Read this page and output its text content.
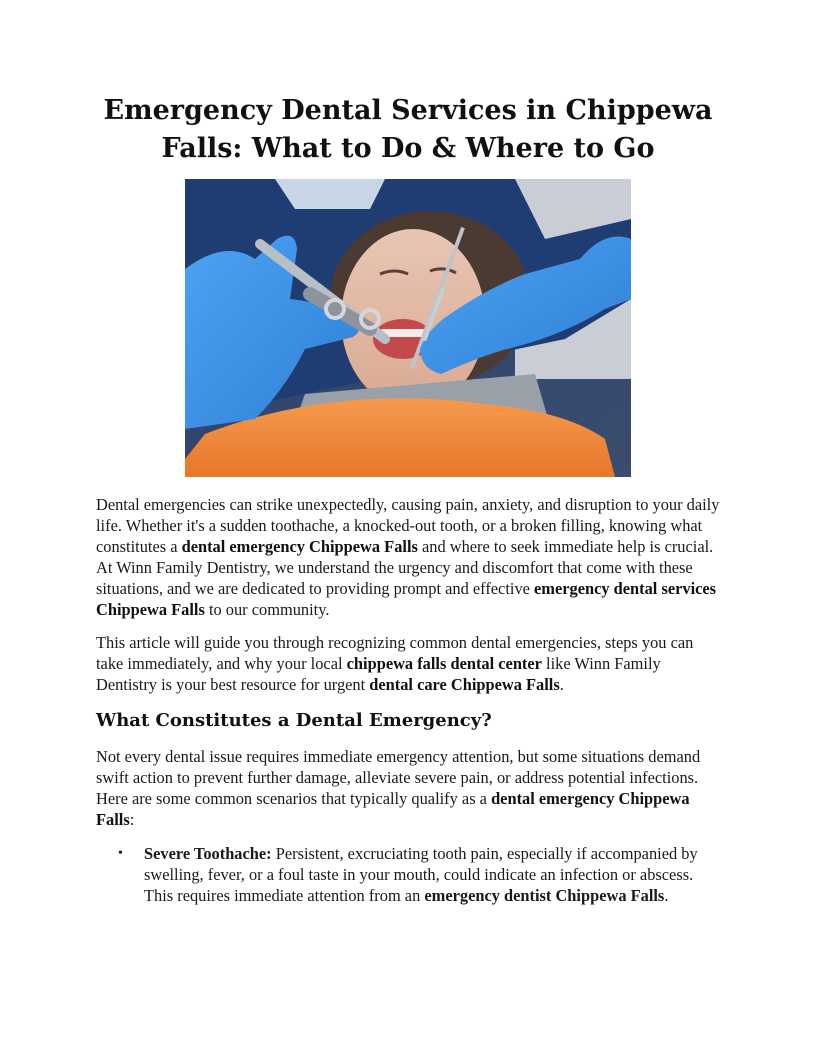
Emergency Dental Services in Chippewa Falls: What to Do & Where to Go

Dental emergencies can strike unexpectedly, causing pain, anxiety, and disruption to your daily life. Whether it's a sudden toothache, a knocked-out tooth, or a broken filling, knowing what constitutes a dental emergency Chippewa Falls and where to seek immediate help is crucial. At Winn Family Dentistry, we understand the urgency and discomfort that come with these situations, and we are dedicated to providing prompt and effective emergency dental services Chippewa Falls to our community.

This article will guide you through recognizing common dental emergencies, steps you can take immediately, and why your local chippewa falls dental center like Winn Family Dentistry is your best resource for urgent dental care Chippewa Falls.

What Constitutes a Dental Emergency?

Not every dental issue requires immediate emergency attention, but some situations demand swift action to prevent further damage, alleviate severe pain, or address potential infections. Here are some common scenarios that typically qualify as a dental emergency Chippewa Falls:

• Severe Toothache: Persistent, excruciating tooth pain, especially if accompanied by swelling, fever, or a foul taste in your mouth, could indicate an infection or abscess. This requires immediate attention from an emergency dentist Chippewa Falls.
